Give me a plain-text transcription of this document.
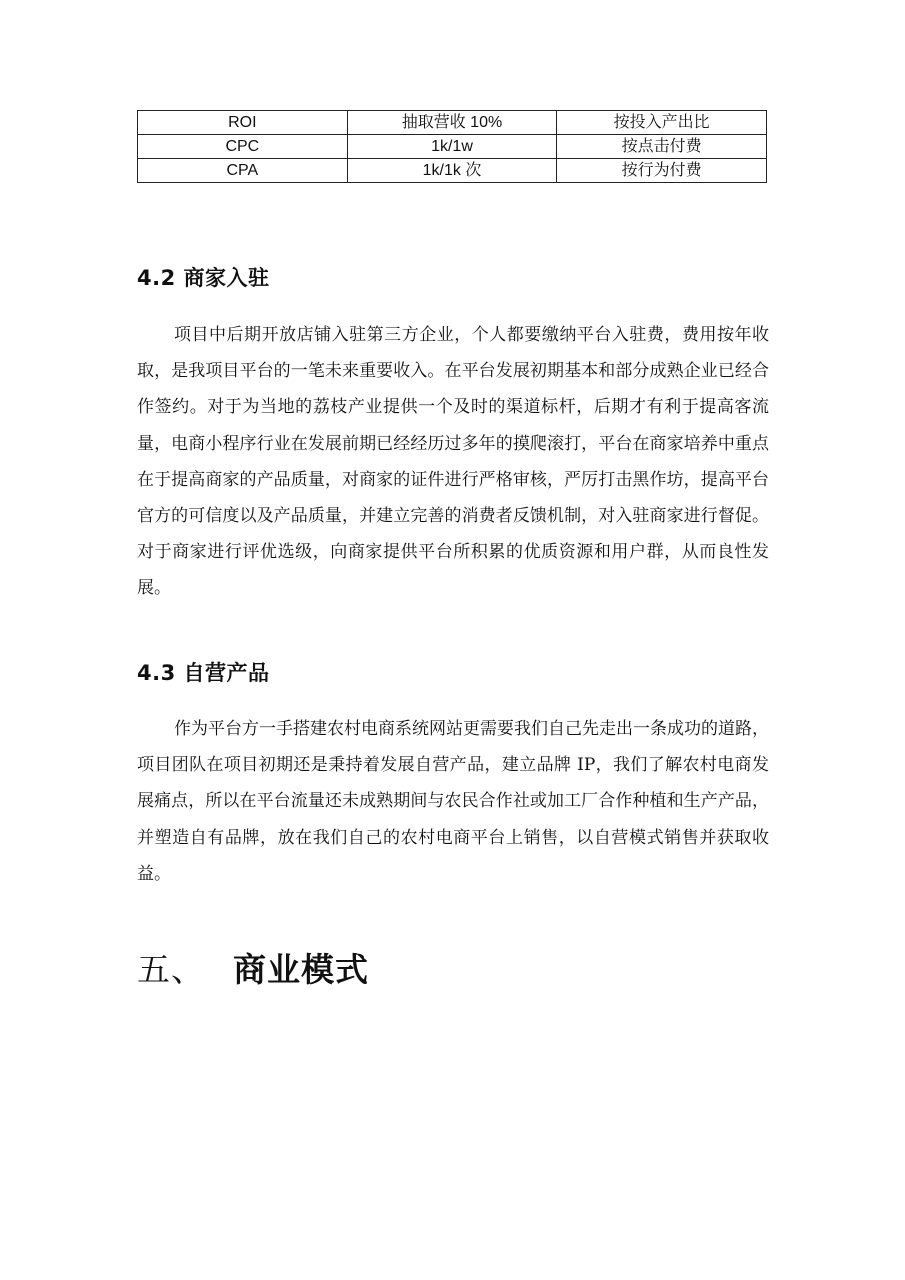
ROI	抽取营收 10%	按投入产出比
CPC	1k/1w	按点击付费
CPA	1k/1k 次	按行为付费
4.2 商家入驻

项目中后期开放店铺入驻第三方企业，个人都要缴纳平台入驻费，费用按年收取，是我项目平台的一笔未来重要收入。在平台发展初期基本和部分成熟企业已经合作签约。对于为当地的荔枝产业提供一个及时的渠道标杆，后期才有利于提高客流量，电商小程序行业在发展前期已经经历过多年的摸爬滚打，平台在商家培养中重点在于提高商家的产品质量，对商家的证件进行严格审核，严厉打击黑作坊，提高平台官方的可信度以及产品质量，并建立完善的消费者反馈机制，对入驻商家进行督促。对于商家进行评优选级，向商家提供平台所积累的优质资源和用户群，从而良性发展。

4.3 自营产品

作为平台方一手搭建农村电商系统网站更需要我们自己先走出一条成功的道路，项目团队在项目初期还是秉持着发展自营产品，建立品牌 IP，我们了解农村电商发展痛点，所以在平台流量还未成熟期间与农民合作社或加工厂合作种植和生产产品，并塑造自有品牌，放在我们自己的农村电商平台上销售，以自营模式销售并获取收益。

五、 商业模式
